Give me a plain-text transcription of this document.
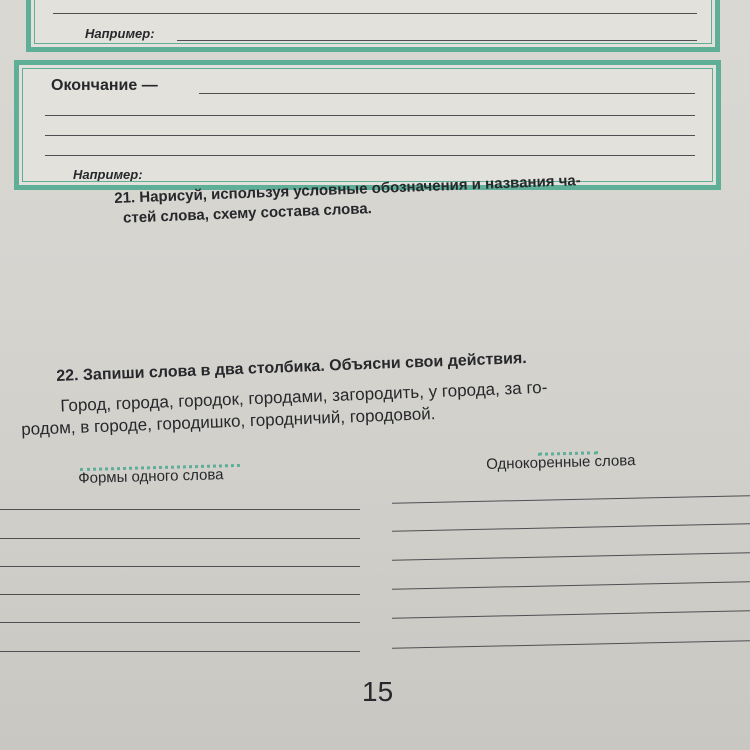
Например:
Окончание —
Например:
21. Нарисуй, используя условные обозначения и названия ча-
стей слова, схему состава слова.
22. Запиши слова в два столбика. Объясни свои действия.
Город, города, городок, городами, загородить, у города, за го-
родом, в городе, городишко, городничий, городовой.
Формы одного слова
Однокоренные слова
15
